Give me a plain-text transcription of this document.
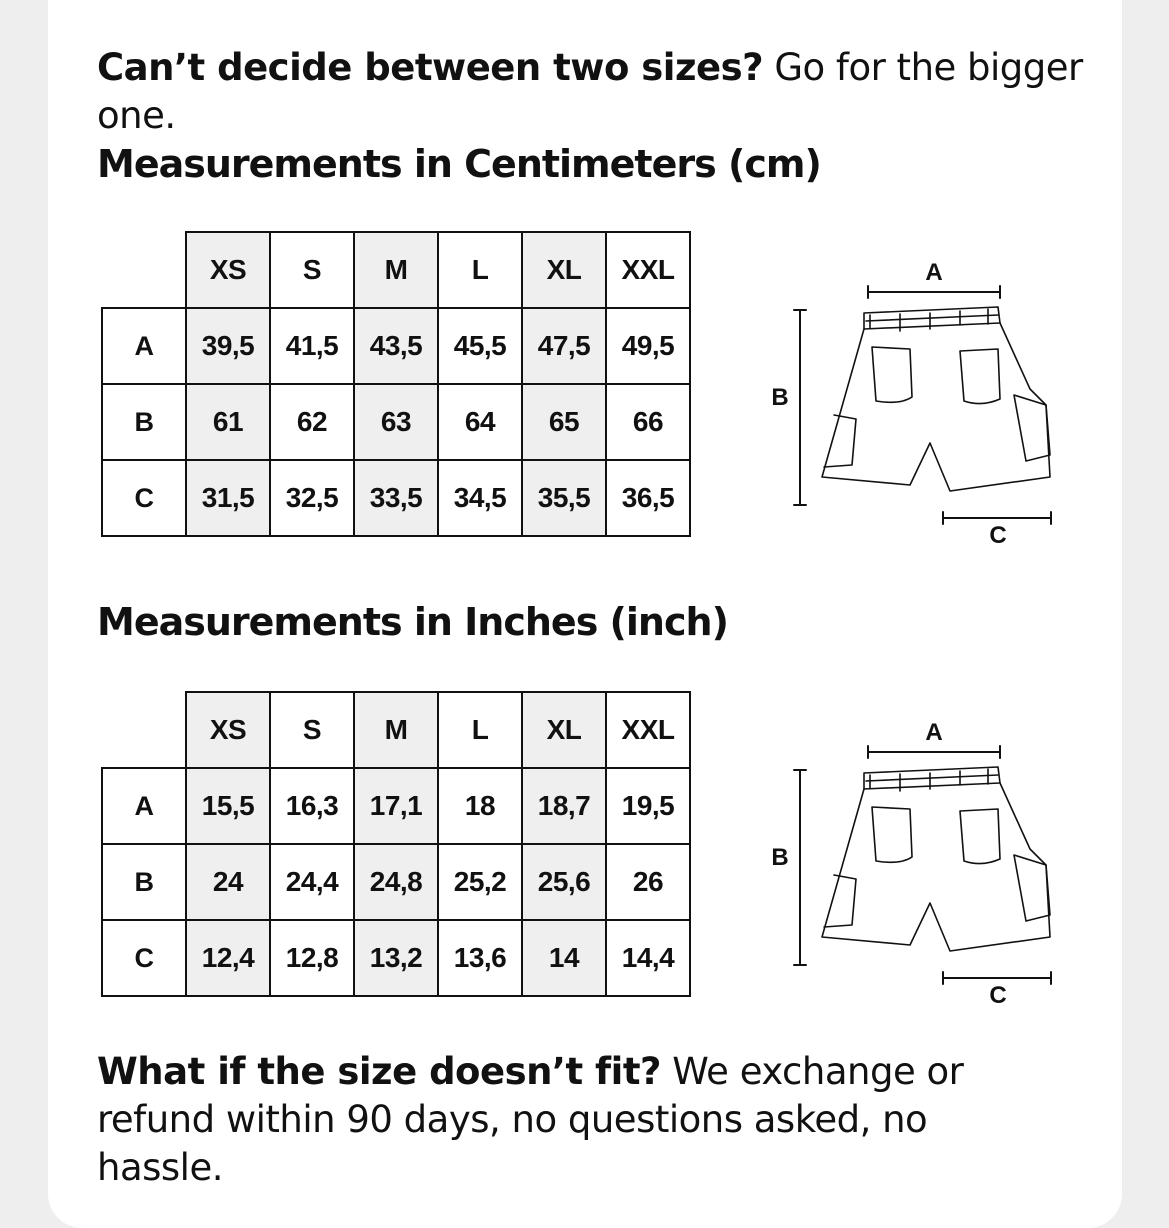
Can’t decide between two sizes? Go for the bigger one.

Measurements in Centimeters (cm)
	XS	S	M	L	XL	XXL
A	39,5	41,5	43,5	45,5	47,5	49,5
B	61	62	63	64	65	66
C	31,5	32,5	33,5	34,5	35,5	36,5
A
B
C
Measurements in Inches (inch)
	XS	S	M	L	XL	XXL
A	15,5	16,3	17,1	18	18,7	19,5
B	24	24,4	24,8	25,2	25,6	26
C	12,4	12,8	13,2	13,6	14	14,4
A
B
C

What if the size doesn’t fit? We exchange or refund within 90 days, no questions asked, no hassle.
